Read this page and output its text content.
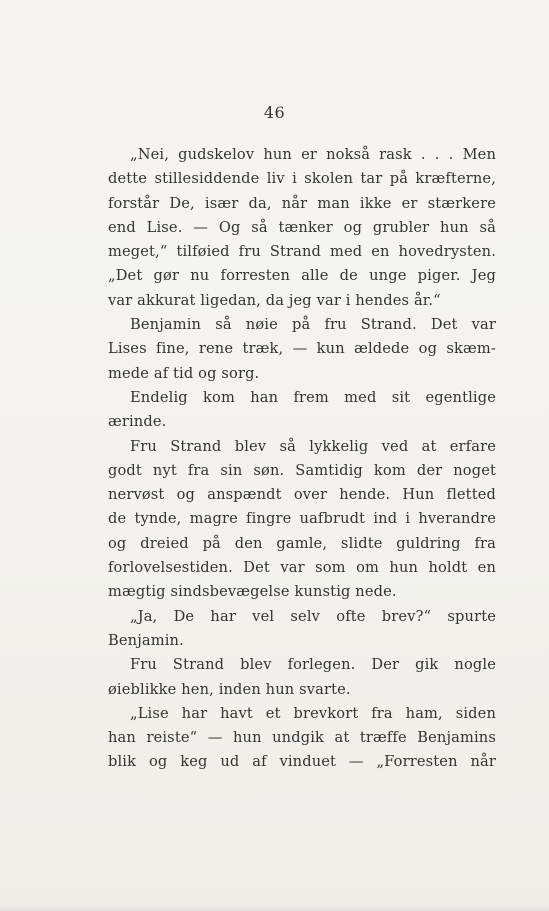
46
„Nei, gudskelov hun er nokså rask . . . Men
dette stillesiddende liv i skolen tar på kræfterne,
forstår De, især da, når man ikke er stærkere
end Lise. — Og så tænker og grubler hun så
meget,“ tilføied fru Strand med en hovedrysten.
„Det gør nu forresten alle de unge piger. Jeg
var akkurat ligedan, da jeg var i hendes år.“
Benjamin så nøie på fru Strand. Det var
Lises fine, rene træk, — kun ældede og skæm-
mede af tid og sorg.
Endelig kom han frem med sit egentlige
ærinde.
Fru Strand blev så lykkelig ved at erfare
godt nyt fra sin søn. Samtidig kom der noget
nervøst og anspændt over hende. Hun fletted
de tynde, magre fingre uafbrudt ind i hverandre
og dreied på den gamle, slidte guldring fra
forlovelsestiden. Det var som om hun holdt en
mægtig sindsbevægelse kunstig nede.
„Ja, De har vel selv ofte brev?“ spurte
Benjamin.
Fru Strand blev forlegen. Der gik nogle
øieblikke hen, inden hun svarte.
„Lise har havt et brevkort fra ham, siden
han reiste“ — hun undgik at træffe Benjamins
blik og keg ud af vinduet — „Forresten når
